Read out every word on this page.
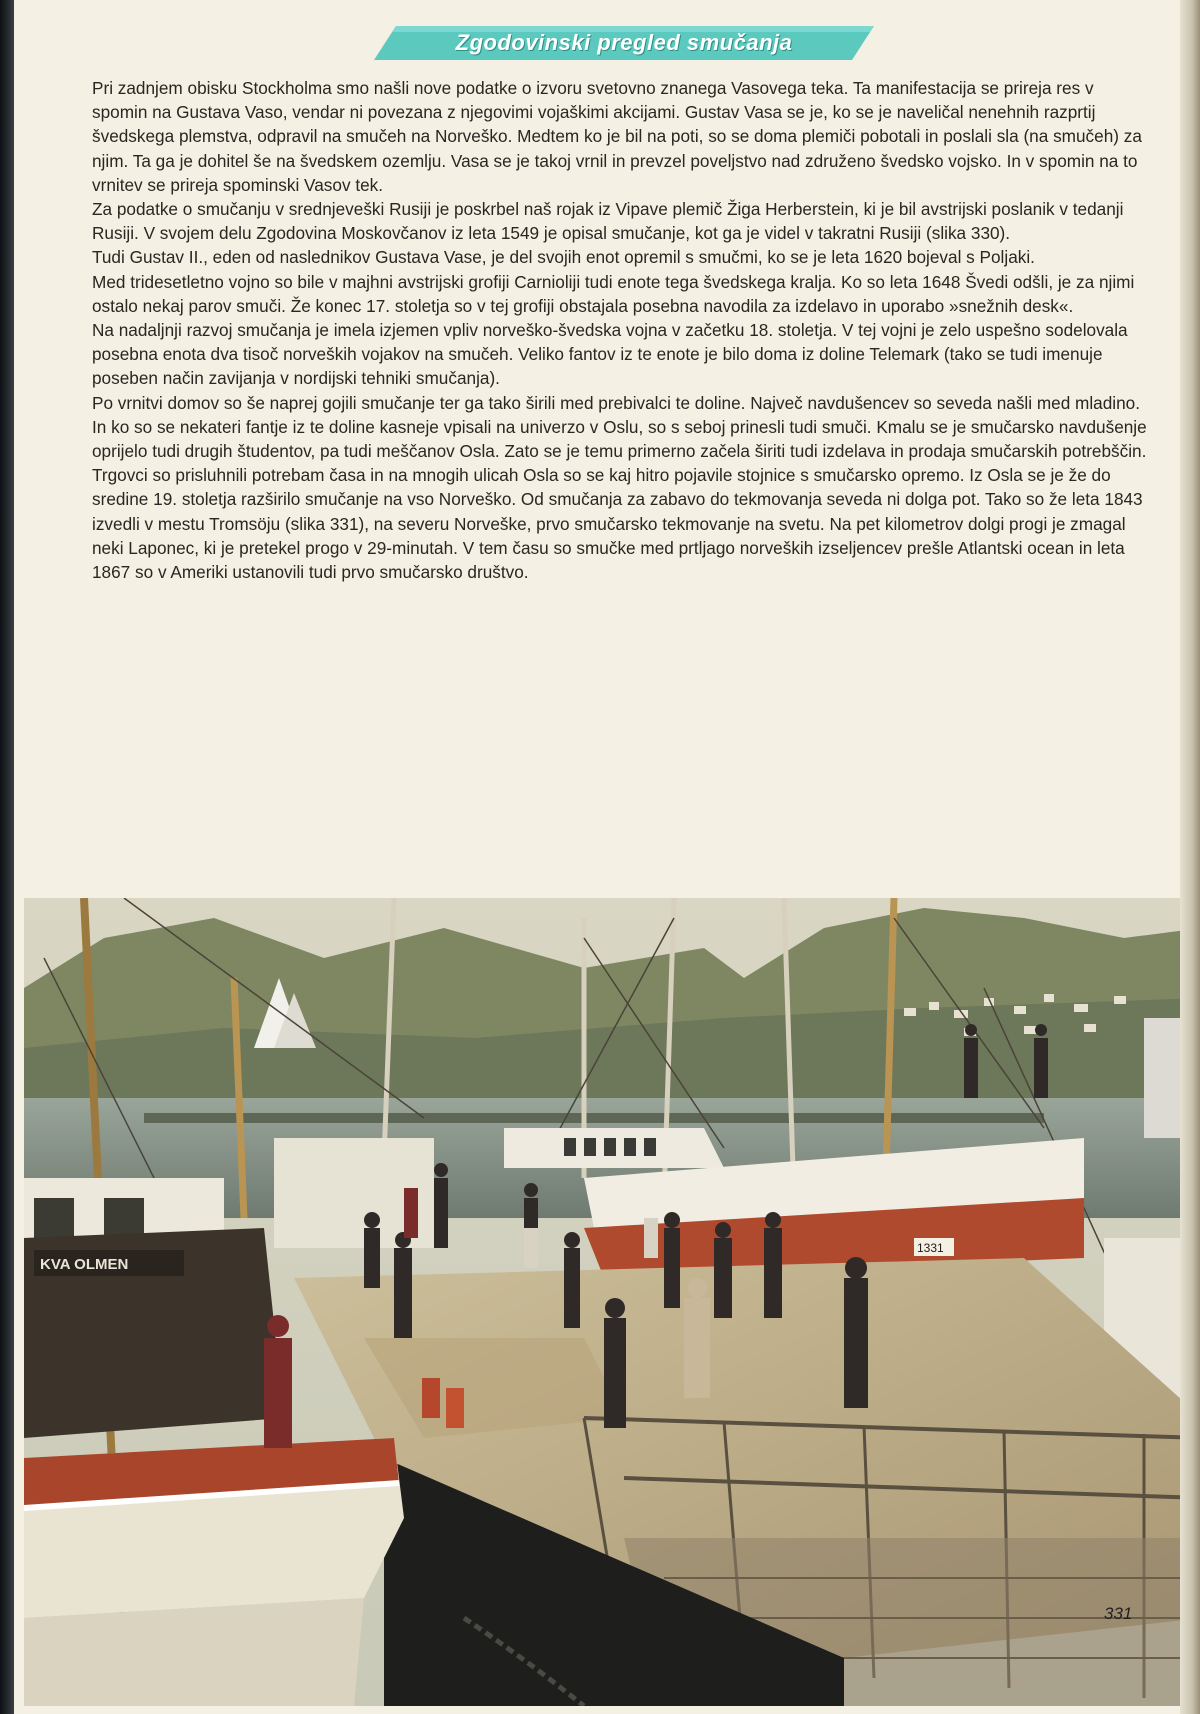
Zgodovinski pregled smučanja

Pri zadnjem obisku Stockholma smo našli nove podatke o izvoru svetovno znanega Vasovega teka. Ta manifestacija se prireja res v spomin na Gustava Vaso, vendar ni povezana z njegovimi vojaškimi akcijami. Gustav Vasa se je, ko se je naveličal nenehnih razprtij švedskega plemstva, odpravil na smučeh na Norveško. Medtem ko je bil na poti, so se doma plemiči pobotali in poslali sla (na smučeh) za njim. Ta ga je dohitel še na švedskem ozemlju. Vasa se je takoj vrnil in prevzel poveljstvo nad združeno švedsko vojsko. In v spomin na to vrnitev se prireja spominski Vasov tek.

Za podatke o smučanju v srednjeveški Rusiji je poskrbel naš rojak iz Vipave plemič Žiga Herberstein, ki je bil avstrijski poslanik v tedanji Rusiji. V svojem delu Zgodovina Moskovčanov iz leta 1549 je opisal smučanje, kot ga je videl v takratni Rusiji (slika 330).

Tudi Gustav II., eden od naslednikov Gustava Vase, je del svojih enot opremil s smučmi, ko se je leta 1620 bojeval s Poljaki.

Med tridesetletno vojno so bile v majhni avstrijski grofiji Carnioliji tudi enote tega švedskega kralja. Ko so leta 1648 Švedi odšli, je za njimi ostalo nekaj parov smuči. Že konec 17. stoletja so v tej grofiji obstajala posebna navodila za izdelavo in uporabo »snežnih desk«.

Na nadaljnji razvoj smučanja je imela izjemen vpliv norveško-švedska vojna v začetku 18. stoletja. V tej vojni je zelo uspešno sodelovala posebna enota dva tisoč norveških vojakov na smučeh. Veliko fantov iz te enote je bilo doma iz doline Telemark (tako se tudi imenuje poseben način zavijanja v nordijski tehniki smučanja).

Po vrnitvi domov so še naprej gojili smučanje ter ga tako širili med prebivalci te doline. Največ navdušencev so seveda našli med mladino. In ko so se nekateri fantje iz te doline kasneje vpisali na univerzo v Oslu, so s seboj prinesli tudi smuči. Kmalu se je smučarsko navdušenje oprijelo tudi drugih študentov, pa tudi meščanov Osla. Zato se je temu primerno začela širiti tudi izdelava in prodaja smučarskih potrebščin. Trgovci so prisluhnili potrebam časa in na mnogih ulicah Osla so se kaj hitro pojavile stojnice s smučarsko opremo. Iz Osla se je že do sredine 19. stoletja razširilo smučanje na vso Norveško. Od smučanja za zabavo do tekmovanja seveda ni dolga pot. Tako so že leta 1843 izvedli v mestu Tromsöju (slika 331), na severu Norveške, prvo smučarsko tekmovanje na svetu. Na pet kilometrov dolgi progi je zmagal neki Laponec, ki je pretekel progo v 29-minutah. V tem času so smučke med prtljago norveških izseljencev prešle Atlantski ocean in leta 1867 so v Ameriki ustanovili tudi prvo smučarsko društvo.

1331
KVA OLMEN
331
